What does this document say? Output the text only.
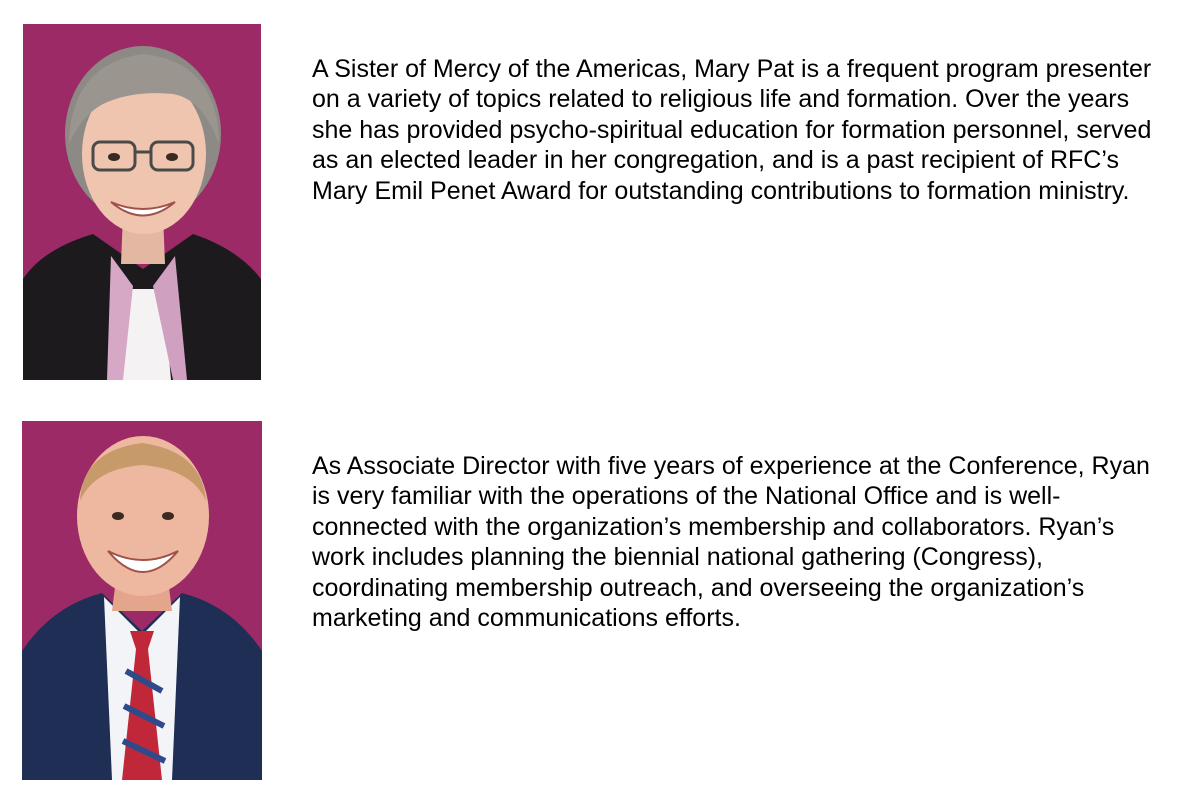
A Sister of Mercy of the Americas, Mary Pat is a frequent program presenter on a variety of topics related to religious life and formation. Over the years she has provided psycho-spiritual education for formation personnel, served as an elected leader in her congregation, and is a past recipient of RFC’s Mary Emil Penet Award for outstanding contributions to formation ministry.

As Associate Director with five years of experience at the Conference, Ryan is very familiar with the operations of the National Office and is well-connected with the organization’s membership and collaborators. Ryan’s work includes planning the biennial national gathering (Congress), coordinating membership outreach, and overseeing the organization’s marketing and communications efforts.
